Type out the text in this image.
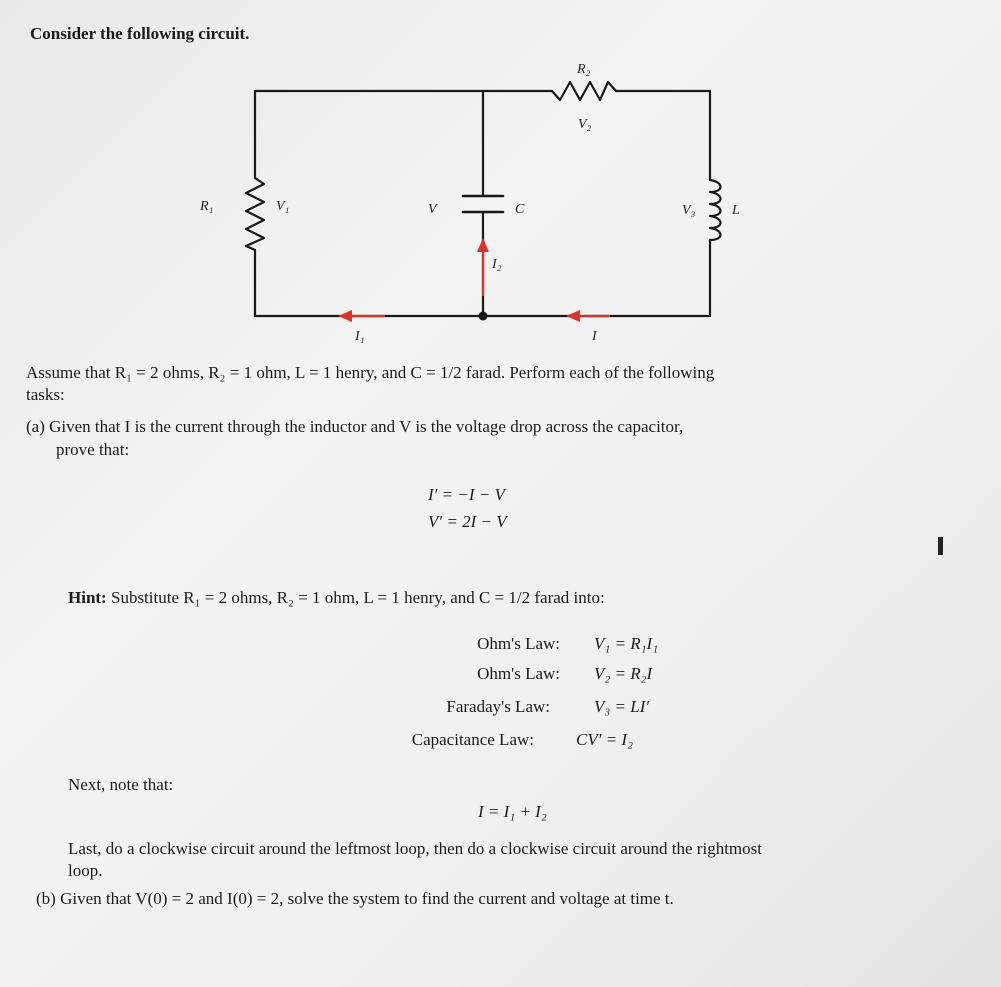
Consider the following circuit.
R₂
V₂
R₁	V₁	V	C	V₃	L
I₂
I₁	I
Assume that R₁ = 2 ohms, R₂ = 1 ohm, L = 1 henry, and C = 1/2 farad. Perform each of the following
tasks:
(a) Given that I is the current through the inductor and V is the voltage drop across the capacitor,
prove that:
I′ = −I − V
V′ = 2I − V
Hint: Substitute R₁ = 2 ohms, R₂ = 1 ohm, L = 1 henry, and C = 1/2 farad into:
Ohm's Law: V₁ = R₁I₁
Ohm's Law: V₂ = R₂I
Faraday's Law:	V₃ = LI′
Capacitance Law: CV′ = I₂
Next, note that:
I = I₁ + I₂
Last, do a clockwise circuit around the leftmost loop, then do a clockwise circuit around the rightmost
loop.
(b) Given that V(0) = 2 and I(0) = 2, solve the system to find the current and voltage at time t.
